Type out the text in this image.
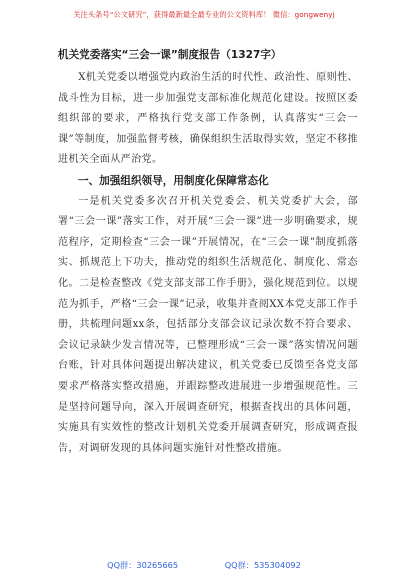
关注头条号“公文研究”，获得最新最全最专业的公文资料库！ 微信：gongwenyj

机关党委落实“三会一课”制度报告（1327字）

X机关党委以增强党内政治生活的时代性、政治性、原则性、战斗性为目标，进一步加强党支部标准化规范化建设。按照区委组织部的要求，严格执行党支部工作条例，认真落实“三会一课”等制度，加强监督考核，确保组织生活取得实效，坚定不移推进机关全面从严治党。

一、加强组织领导，用制度化保障常态化

一是机关党委多次召开机关党委会、机关党委扩大会，部署“三会一课”落实工作，对开展“三会一课”进一步明确要求，规范程序，定期检查“三会一课”开展情况，在“三会一课”制度抓落实、抓规范上下功夫，推动党的组织生活规范化、制度化、常态化。二是检查整改《党支部支部工作手册》，强化规范到位。以规范为抓手，严格“三会一课”记录，收集并查阅XX本党支部工作手册，共梳理问题xx条，包括部分支部会议记录次数不符合要求、会议记录缺少发言情况等，已整理形成“三会一课”落实情况问题台账，针对具体问题提出解决建议，机关党委已反馈至各党支部要求严格落实整改措施，并跟踪整改进展进一步增强规范性。三是坚持问题导向，深入开展调查研究，根据查找出的具体问题，实施具有实效性的整改计划机关党委开展调查研究，形成调查报告，对调研发现的具体问题实施针对性整改措施。

QQ群：30265665	QQ群：535304092
